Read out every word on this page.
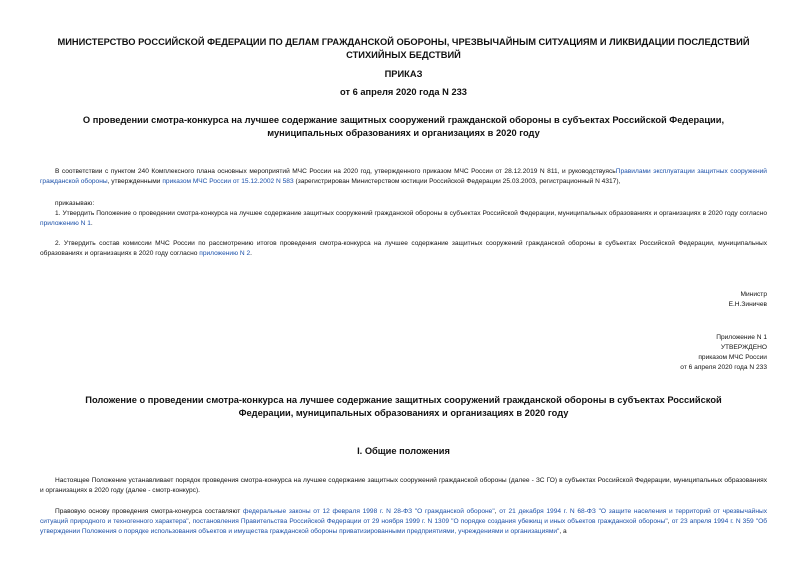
МИНИСТЕРСТВО РОССИЙСКОЙ ФЕДЕРАЦИИ ПО ДЕЛАМ ГРАЖДАНСКОЙ ОБОРОНЫ, ЧРЕЗВЫЧАЙНЫМ СИТУАЦИЯМ И ЛИКВИДАЦИИ ПОСЛЕДСТВИЙ СТИХИЙНЫХ БЕДСТВИЙ
ПРИКАЗ
от 6 апреля 2020 года N 233
О проведении смотра-конкурса на лучшее содержание защитных сооружений гражданской обороны в субъектах Российской Федерации, муниципальных образованиях и организациях в 2020 году
В соответствии с пунктом 240 Комплексного плана основных мероприятий МЧС России на 2020 год, утвержденного приказом МЧС России от 28.12.2019 N 811, и руководствуясьПравилами эксплуатации защитных сооружений гражданской обороны, утвержденными приказом МЧС России от 15.12.2002 N 583 (зарегистрирован Министерством юстиции Российской Федерации 25.03.2003, регистрационный N 4317),
приказываю:
1. Утвердить Положение о проведении смотра-конкурса на лучшее содержание защитных сооружений гражданской обороны в субъектах Российской Федерации, муниципальных образованиях и организациях в 2020 году согласно приложению N 1.
2. Утвердить состав комиссии МЧС России по рассмотрению итогов проведения смотра-конкурса на лучшее содержание защитных сооружений гражданской обороны в субъектах Российской Федерации, муниципальных образованиях и организациях в 2020 году согласно приложению N 2.
Министр
Е.Н.Зиничев
Приложение N 1
УТВЕРЖДЕНО
приказом МЧС России
от 6 апреля 2020 года N 233
Положение о проведении смотра-конкурса на лучшее содержание защитных сооружений гражданской обороны в субъектах Российской Федерации, муниципальных образованиях и организациях в 2020 году
I. Общие положения
Настоящее Положение устанавливает порядок проведения смотра-конкурса на лучшее содержание защитных сооружений гражданской обороны (далее - ЗС ГО) в субъектах Российской Федерации, муниципальных образованиях и организациях в 2020 году (далее - смотр-конкурс).
Правовую основу проведения смотра-конкурса составляют федеральные законы от 12 февраля 1998 г. N 28-ФЗ "О гражданской обороне", от 21 декабря 1994 г. N 68-ФЗ "О защите населения и территорий от чрезвычайных ситуаций природного и техногенного характера", постановления Правительства Российской Федерации от 29 ноября 1999 г. N 1309 "О порядке создания убежищ и иных объектов гражданской обороны", от 23 апреля 1994 г. N 359 "Об утверждении Положения о порядке использования объектов и имущества гражданской обороны приватизированными предприятиями, учреждениями и организациями", а
